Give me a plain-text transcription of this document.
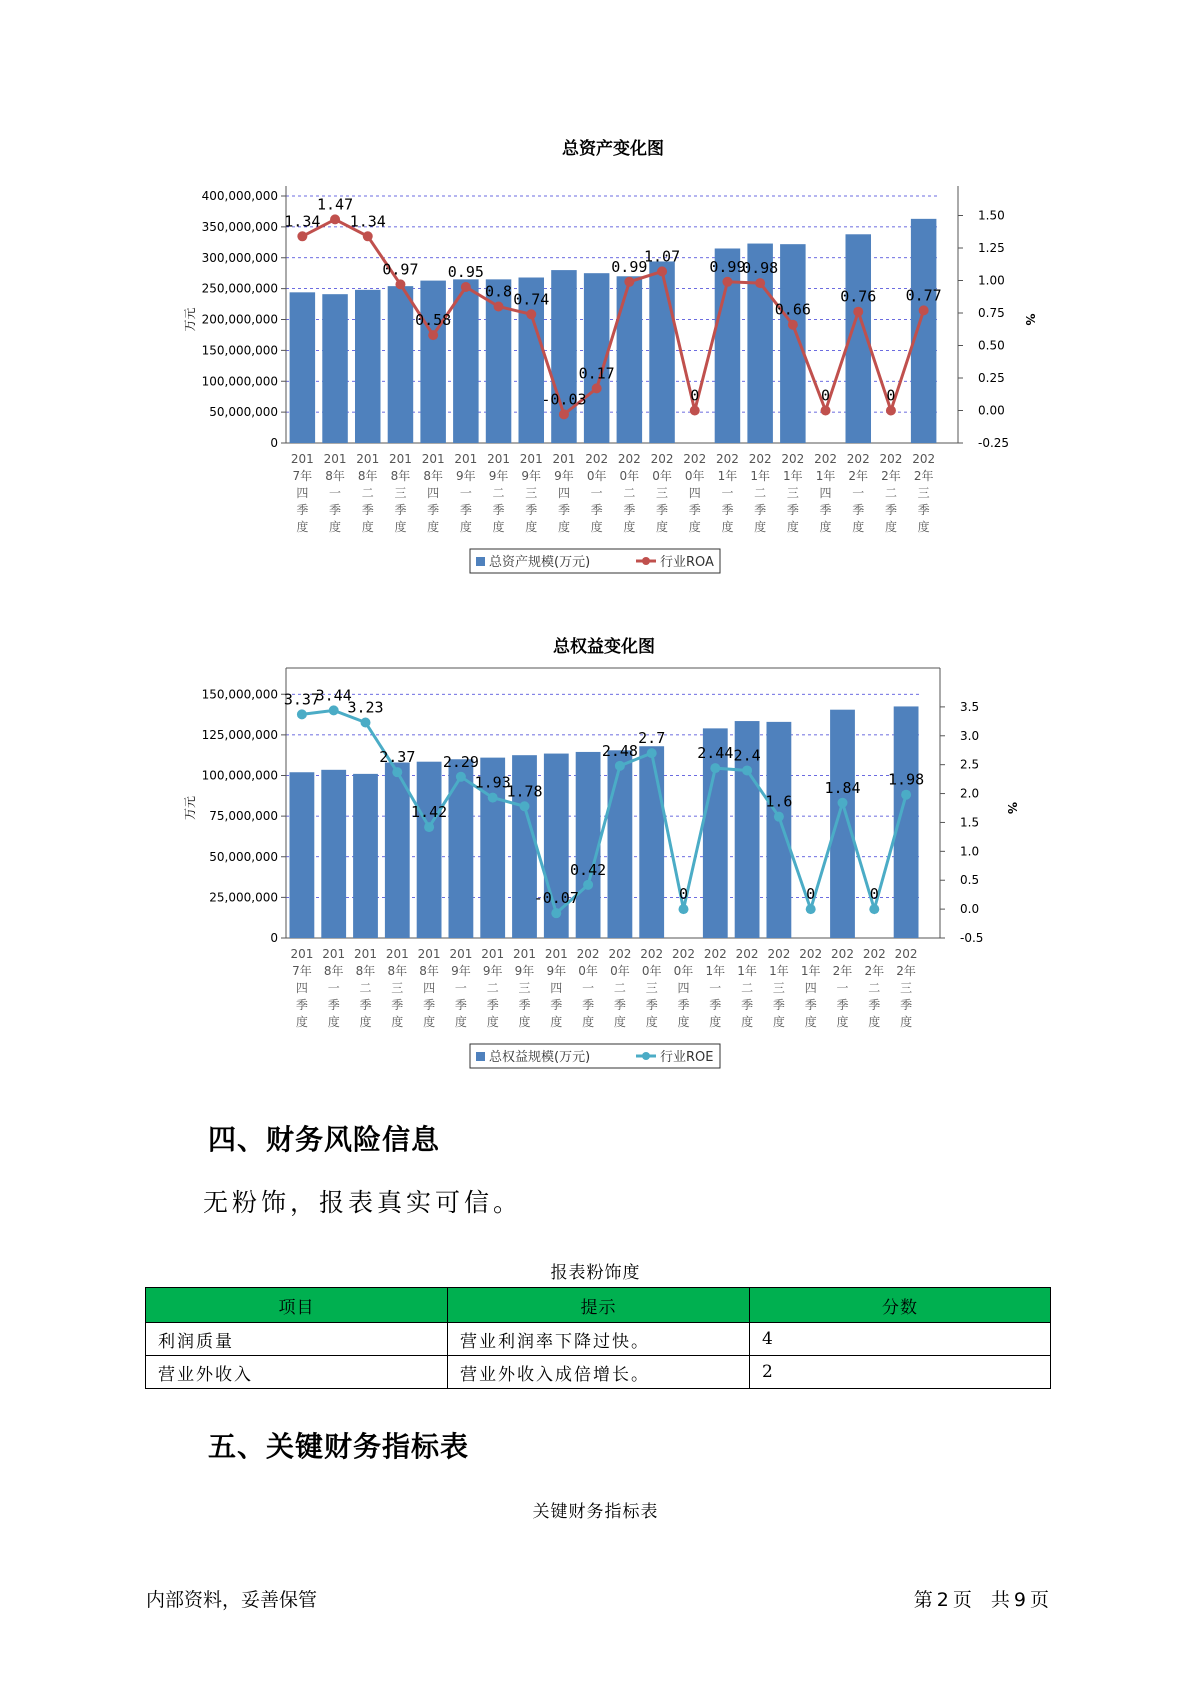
总资产变化图
0
50,000,000
100,000,000
150,000,000
200,000,000
250,000,000
300,000,000
350,000,000
400,000,000
-0.25
0.00
0.25
0.50
0.75
1.00
1.25
1.50
万元	%
1.34
1.47
1.34
0.97
0.58
0.95
0.8 0.74
-0.03
0.17
0.99
1.07
0
0.99
0.98
0.66
0
0.76
0
0.77
201
7年
四
季
度
201
8年
一
季
度
201
8年
二
季
度
201
8年
三
季
度
201
8年
四
季
度
201
9年
一
季
度
201
9年
二
季
度
201
9年
三
季
度
201
9年
四
季
度
202
0年
一
季
度
202
0年
二
季
度
202
0年
三
季
度
202
0年
四
季
度
202
1年
一
季
度
202
1年
二
季
度
202
1年
三
季
度
202
1年
四
季
度
202
2年
一
季
度
202
2年
二
季
度
202
2年
三
季
度
总资产规模(万元)	行业ROA
总权益变化图
0
25,000,000
50,000,000
75,000,000
100,000,000
125,000,000
150,000,000
-0.5
0.0
0.5
1.0
1.5
2.0
2.5
3.0
3.5
万元	%
3.37
3.44
3.23
2.37
1.42
2.29
1.93
1.78
-0.07
0.42
2.48
2.7
0
2.44 2.4
1.6
0
1.84
0
1.98
201
7年
四
季
度
201
8年
一
季
度
201
8年
二
季
度
201
8年
三
季
度
201
8年
四
季
度
201
9年
一
季
度
201
9年
二
季
度
201
9年
三
季
度
201
9年
四
季
度
202
0年
一
季
度
202
0年
二
季
度
202
0年
三
季
度
202
0年
四
季
度
202
1年
一
季
度
202
1年
二
季
度
202
1年
三
季
度
202
1年
四
季
度
202
2年
一
季
度
202
2年
二
季
度
202
2年
三
季
度
总权益规模(万元)	行业ROE
四、财务风险信息

无粉饰，报表真实可信。

报表粉饰度
项目	提示	分数
利润质量	营业利润率下降过快。	4
营业外收入	营业外收入成倍增长。	2
五、关键财务指标表
关键财务指标表
内部资料，妥善保管	第 2 页　共 9 页
